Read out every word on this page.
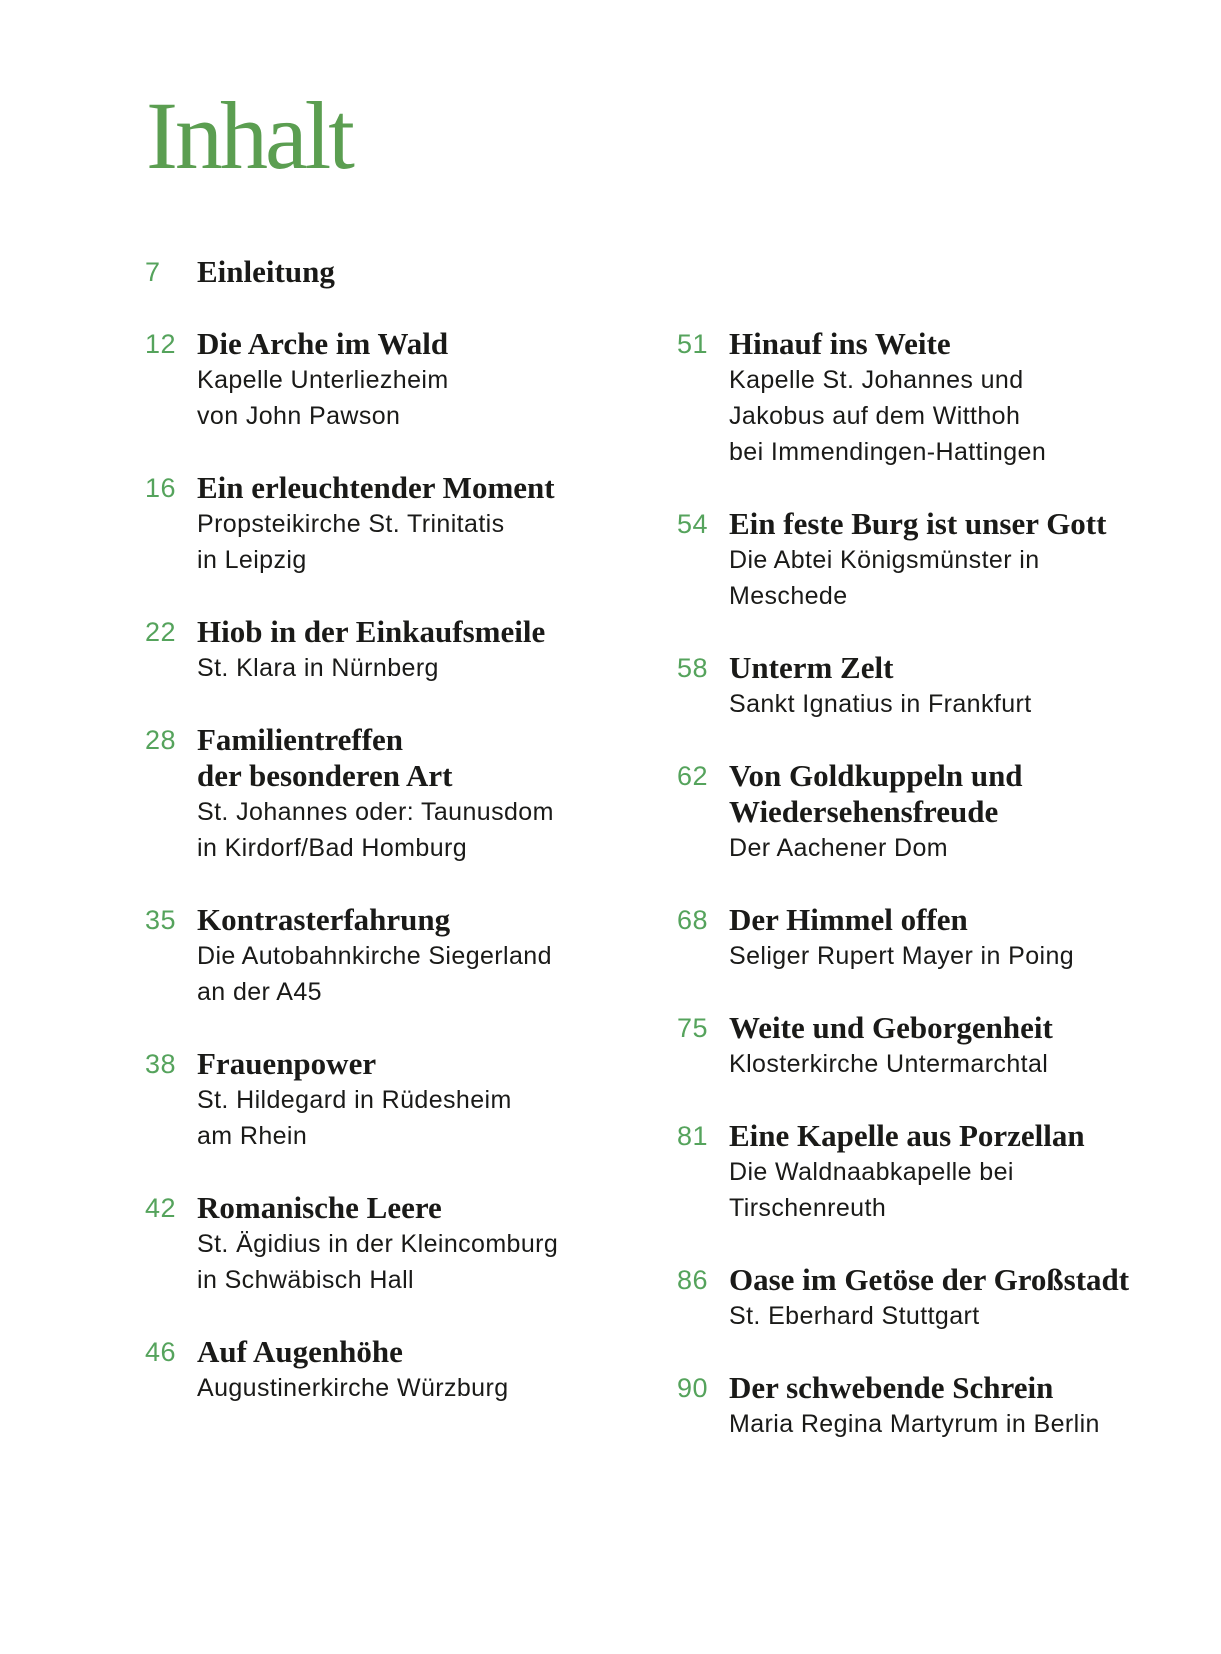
Inhalt
7	Einleitung
12 Die Arche im Wald
Kapelle Unterliezheim
von John Pawson
16 Ein erleuchtender Moment
Propsteikirche St. Trinitatis
in Leipzig
22 Hiob in der Einkaufsmeile
St. Klara in Nürnberg
28 Familientreffen
der besonderen Art
St. Johannes oder: Taunusdom
in Kirdorf/Bad Homburg
35 Kontrasterfahrung
Die Autobahnkirche Siegerland
an der A45
38 Frauenpower
St. Hildegard in Rüdesheim
am Rhein
42 Romanische Leere
St. Ägidius in der Kleincomburg
in Schwäbisch Hall
46 Auf Augenhöhe
Augustinerkirche Würzburg
51 Hinauf ins Weite
Kapelle St. Johannes und
Jakobus auf dem Witthoh
bei Immendingen-Hattingen
54 Ein feste Burg ist unser Gott
Die Abtei Königsmünster in
Meschede
58 Unterm Zelt
Sankt Ignatius in Frankfurt
62 Von Goldkuppeln und
Wiedersehensfreude
Der Aachener Dom
68 Der Himmel offen
Seliger Rupert Mayer in Poing
75 Weite und Geborgenheit
Klosterkirche Untermarchtal
81 Eine Kapelle aus Porzellan
Die Waldnaabkapelle bei
Tirschenreuth
86 Oase im Getöse der Großstadt
St. Eberhard Stuttgart
90 Der schwebende Schrein
Maria Regina Martyrum in Berlin
